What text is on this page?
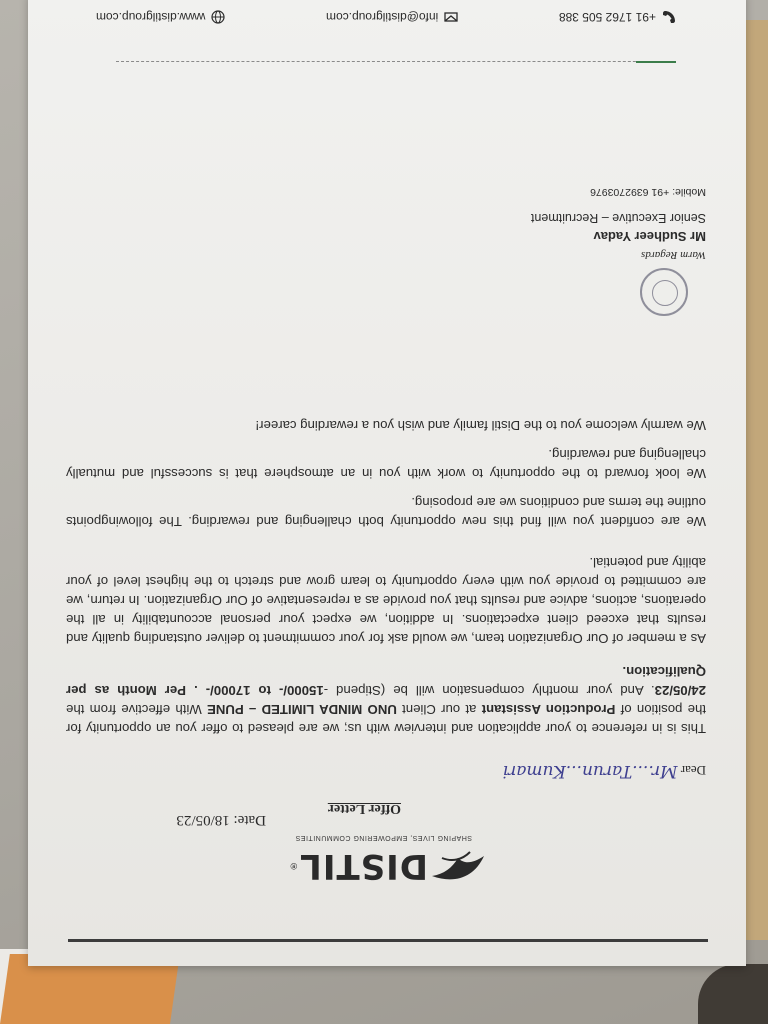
DISTIL
®
SHAPING LIVES, EMPOWERING COMMUNITIES
Date: 18/05/23
Offer Letter
Dear Mr....Tarun...Kumari

This is in reference to your application and interview with us; we are pleased to offer you an opportunity for the position of Production Assistant at our Client UNO MINDA LIMITED – PUNE With effective from the 24/05/23. And your monthly compensation will be (Stipend -15000/- to 17000/- . Per Month as per Qualification.

As a member of Our Organization team, we would ask for your commitment to deliver outstanding quality and results that exceed client expectations. In addition, we expect your personal accountability in all the operations, actions, advice and results that you provide as a representative of Our Organization. In return, we are committed to provide you with every opportunity to learn grow and stretch to the highest level of your ability and potential.

We are confident you will find this new opportunity both challenging and rewarding. The followingpoints outline the terms and conditions we are proposing.

We look forward to the opportunity to work with you in an atmosphere that is successful and mutually challenging and rewarding.

We warmly welcome you to the Distil family and wish you a rewarding career!

Warm Regards
Mr Sudheer Yadav
Senior Executive – Recruitment
Mobile: +91 6392703976
+91 1762 505 388
info@distilgroup.com
www.distilgroup.com
